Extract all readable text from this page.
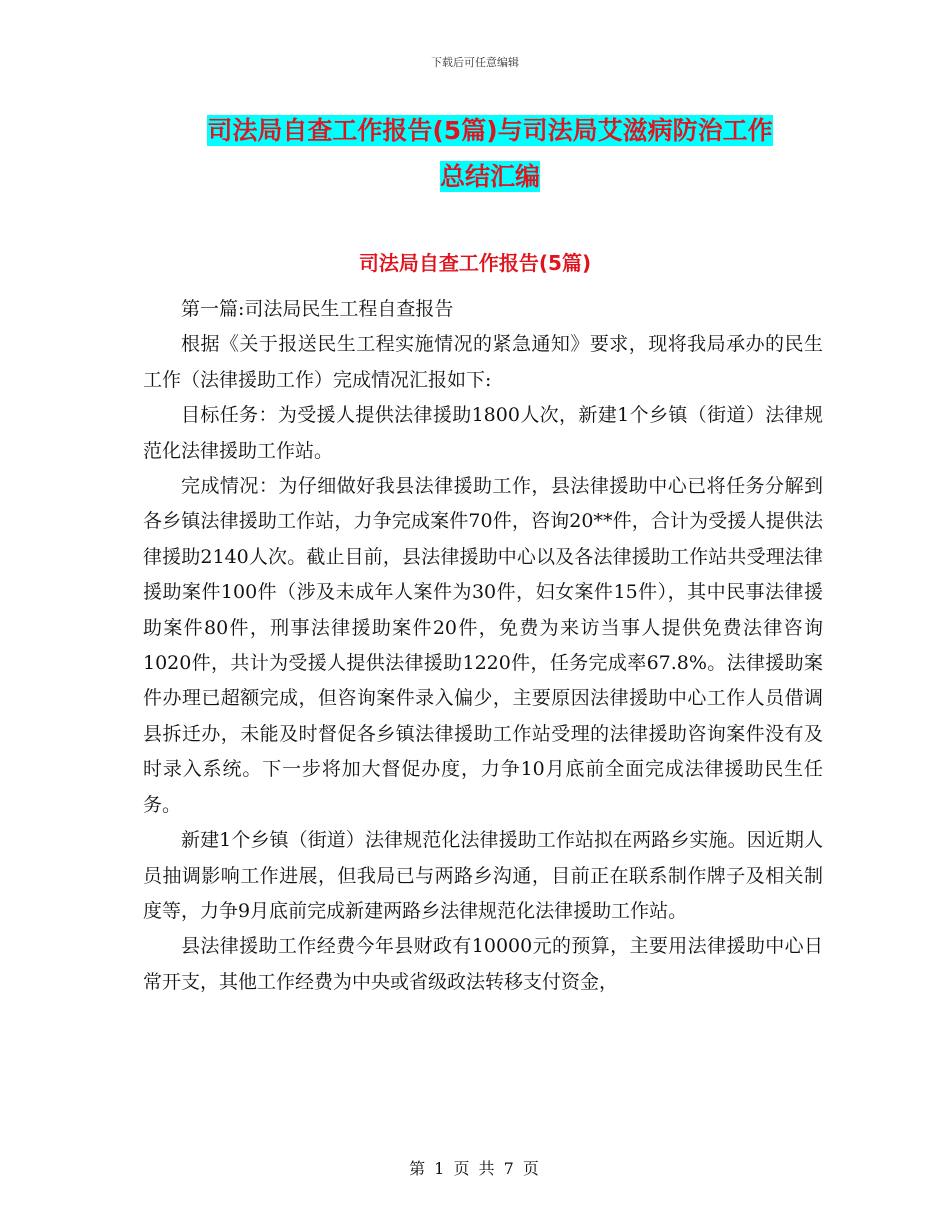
下载后可任意编辑
司法局自查工作报告(5篇)与司法局艾滋病防治工作
总结汇编
司法局自查工作报告(5篇)

第一篇:司法局民生工程自查报告

根据《关于报送民生工程实施情况的紧急通知》要求，现将我局承办的民生工作（法律援助工作）完成情况汇报如下:

目标任务：为受援人提供法律援助1800人次，新建1个乡镇（街道）法律规范化法律援助工作站。

完成情况：为仔细做好我县法律援助工作，县法律援助中心已将任务分解到各乡镇法律援助工作站，力争完成案件70件，咨询20**件，合计为受援人提供法律援助2140人次。截止目前，县法律援助中心以及各法律援助工作站共受理法律援助案件100件（涉及未成年人案件为30件，妇女案件15件），其中民事法律援助案件80件，刑事法律援助案件20件，免费为来访当事人提供免费法律咨询1020件，共计为受援人提供法律援助1220件，任务完成率67.8%。法律援助案件办理已超额完成，但咨询案件录入偏少，主要原因法律援助中心工作人员借调县拆迁办，未能及时督促各乡镇法律援助工作站受理的法律援助咨询案件没有及时录入系统。下一步将加大督促办度，力争10月底前全面完成法律援助民生任务。

新建1个乡镇（街道）法律规范化法律援助工作站拟在两路乡实施。因近期人员抽调影响工作进展，但我局已与两路乡沟通，目前正在联系制作牌子及相关制度等，力争9月底前完成新建两路乡法律规范化法律援助工作站。

县法律援助工作经费今年县财政有10000元的预算，主要用法律援助中心日常开支，其他工作经费为中央或省级政法转移支付资金，

第 1 页 共 7 页
